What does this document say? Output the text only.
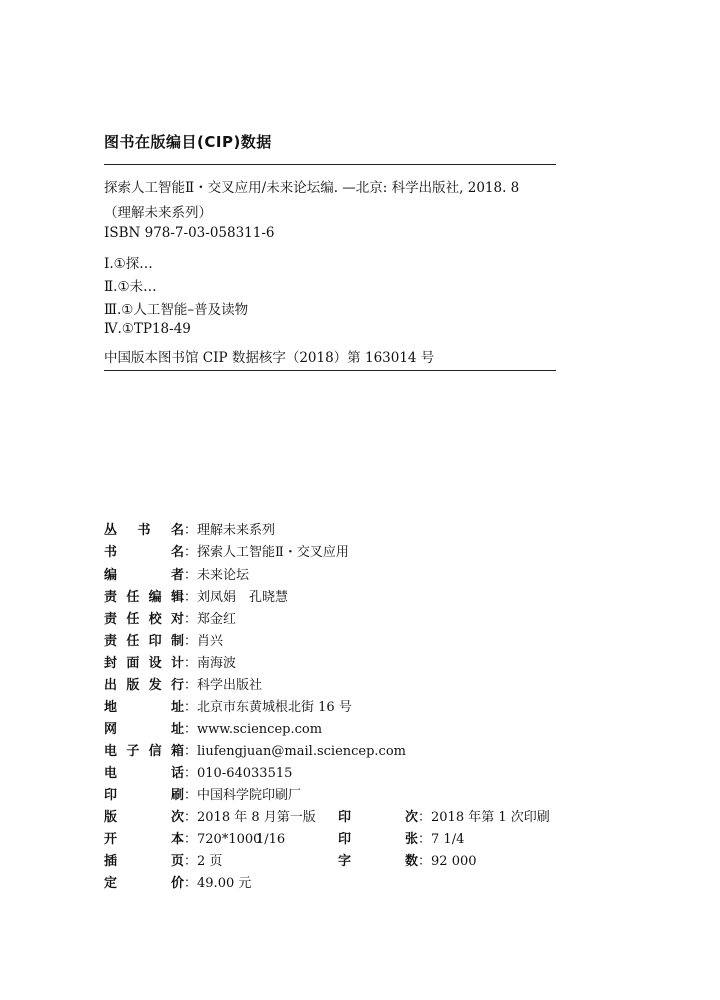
图书在版编目(CIP)数据
探索人工智能Ⅱ・交叉应用/未来论坛编. —北京: 科学出版社, 2018. 8
（理解未来系列）
ISBN 978-7-03-058311-6
Ⅰ.①探…
Ⅱ.①未…
Ⅲ.①人工智能–普及读物
Ⅳ.①TP18-49
中国版本图书馆 CIP 数据核字（2018）第 163014 号
丛书名：理解未来系列
书名：探索人工智能Ⅱ・交叉应用
编者：未来论坛
责任编辑：刘凤娟　孔晓慧
责任校对：郑金红
责任印制：肖兴
封面设计：南海波
出版发行：科学出版社
地址：北京市东黄城根北街 16 号
网址：www.sciencep.com
电子信箱：liufengjuan@mail.sciencep.com
电话：010-64033515
印刷：中国科学院印刷厂
版次：2018 年 8 月第一版 印次 ：2018 年第 1 次印刷
开本：720*1000
1/16	印张 ：7 1/4
插页：2 页	字数 ：92 000
定价：49.00 元
